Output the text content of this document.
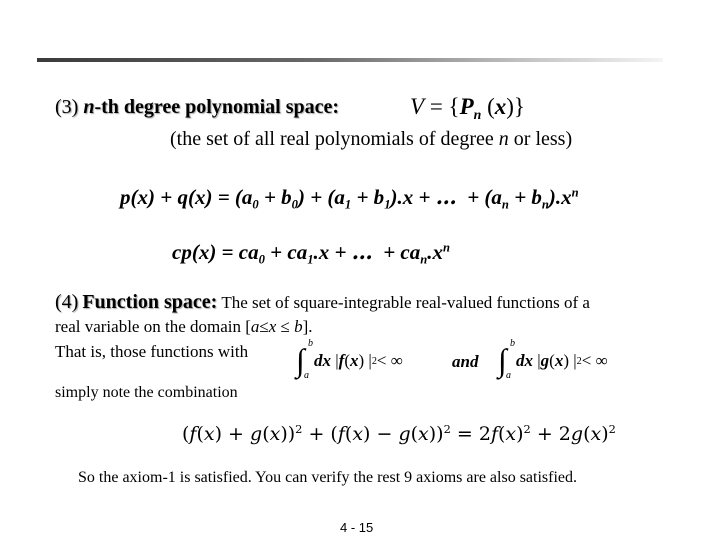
(3) n-th degree polynomial space:	$V = \{P_n$ (x)}
(the set of all real polynomials of degree n or less)
$p(x) + q(x) = (a_0 + b_0) + (a_1 + b_1).x$ + …  + $(a_n + b_n).x^n$
$cp(x) = ca_0 + ca_1.x$ + …  + $ca_n.x^n$
(4) Function space: The set of square-integrable real-valued functions of a
real variable on the domain [a≤x ≤ b].
That is, those functions with ∫ b
a
dx | f ( x ) | 2 < ∞	and ∫ b
a
dx | g ( x ) | 2 < ∞
simply note the combination
$(f(x) + g(x))^2 + (f(x) - g(x))^2 = 2f(x)^2 + 2g(x)^2$
So the axiom-1 is satisfied. You can verify the rest 9 axioms are also satisfied.
4 - 15
